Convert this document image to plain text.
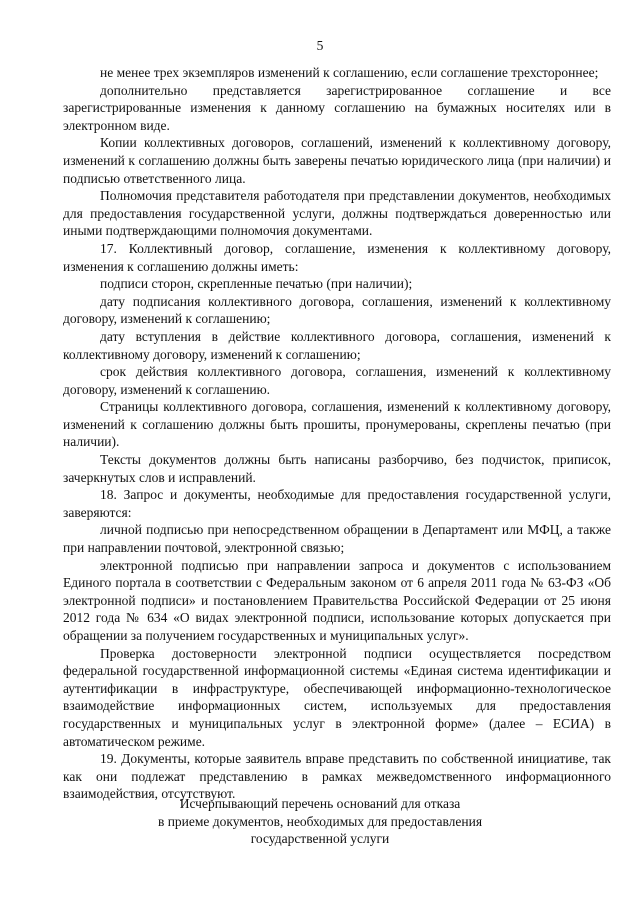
5

не менее трех экземпляров изменений к соглашению, если соглашение трехстороннее;

дополнительно представляется зарегистрированное соглашение и все зарегистрированные изменения к данному соглашению на бумажных носителях или в электронном виде.

Копии коллективных договоров, соглашений, изменений к коллективному договору, изменений к соглашению должны быть заверены печатью юридического лица (при наличии) и подписью ответственного лица.

Полномочия представителя работодателя при представлении документов, необходимых для предоставления государственной услуги, должны подтверждаться доверенностью или иными подтверждающими полномочия документами.

17. Коллективный договор, соглашение, изменения к коллективному договору, изменения к соглашению должны иметь:

подписи сторон, скрепленные печатью (при наличии);

дату подписания коллективного договора, соглашения, изменений к коллективному договору, изменений к соглашению;

дату вступления в действие коллективного договора, соглашения, изменений к коллективному договору, изменений к соглашению;

срок действия коллективного договора, соглашения, изменений к коллективному договору, изменений к соглашению.

Страницы коллективного договора, соглашения, изменений к коллективному договору, изменений к соглашению должны быть прошиты, пронумерованы, скреплены печатью (при наличии).

Тексты документов должны быть написаны разборчиво, без подчисток, приписок, зачеркнутых слов и исправлений.

18. Запрос и документы, необходимые для предоставления государственной услуги, заверяются:

личной подписью при непосредственном обращении в Департамент или МФЦ, а также при направлении почтовой, электронной связью;

электронной подписью при направлении запроса и документов с использованием Единого портала в соответствии с Федеральным законом от 6 апреля 2011 года № 63-ФЗ «Об электронной подписи» и постановлением Правительства Российской Федерации от 25 июня 2012 года № 634 «О видах электронной подписи, использование которых допускается при обращении за получением государственных и муниципальных услуг».

Проверка достоверности электронной подписи осуществляется посредством федеральной государственной информационной системы «Единая система идентификации и аутентификации в инфраструктуре, обеспечивающей информационно-технологическое взаимодействие информационных систем, используемых для предоставления государственных и муниципальных услуг в электронной форме» (далее – ЕСИА) в автоматическом режиме.

19. Документы, которые заявитель вправе представить по собственной инициативе, так как они подлежат представлению в рамках межведомственного информационного взаимодействия, отсутствуют.

Исчерпывающий перечень оснований для отказа
в приеме документов, необходимых для предоставления
государственной услуги
